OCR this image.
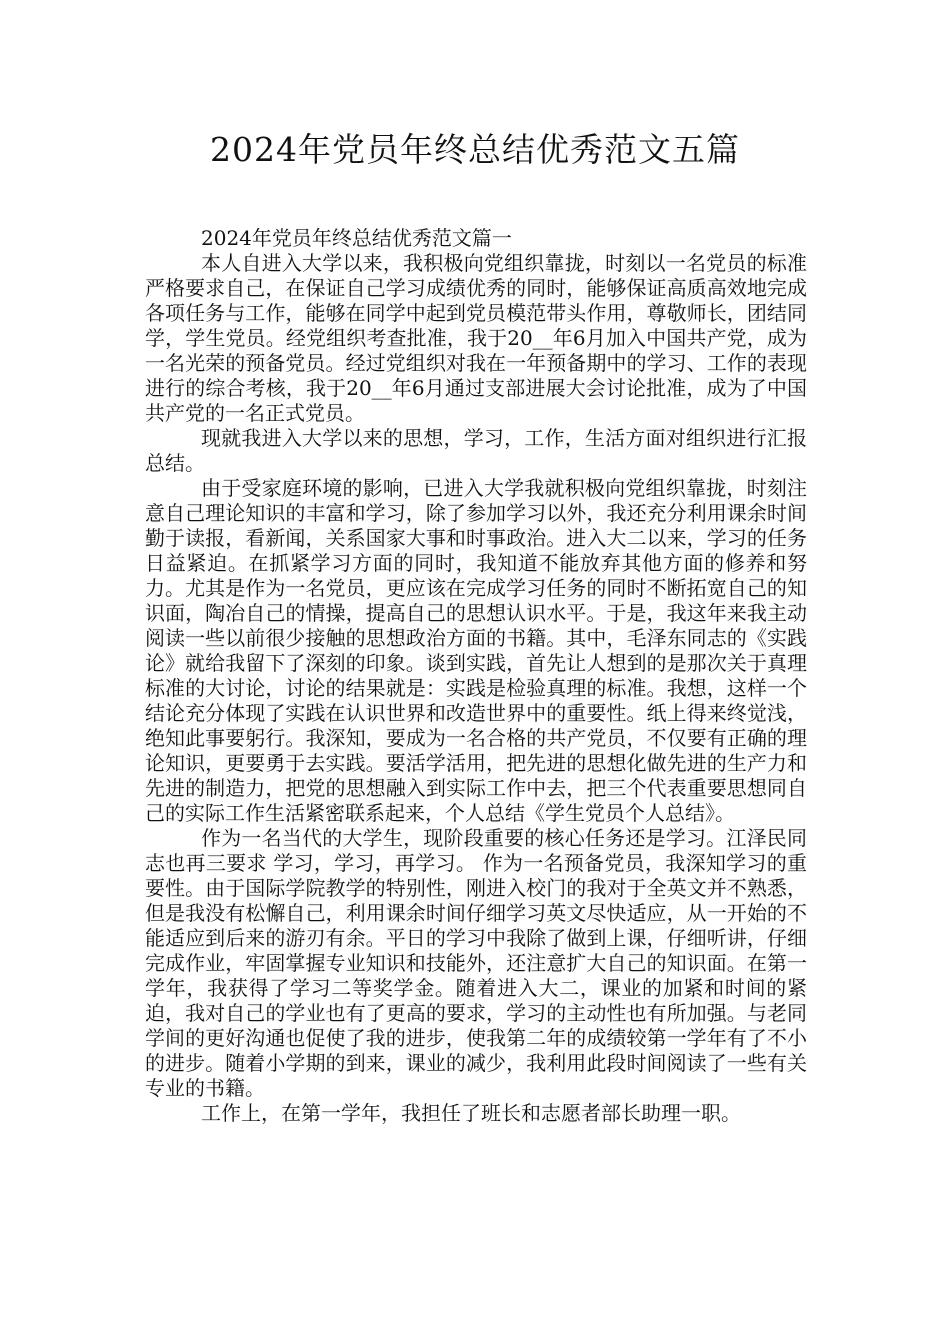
2024年党员年终总结优秀范文五篇
2024年党员年终总结优秀范文篇一

本人自进入大学以来，我积极向党组织靠拢，时刻以一名党员的标准严格要求自己，在保证自己学习成绩优秀的同时，能够保证高质高效地完成各项任务与工作，能够在同学中起到党员模范带头作用，尊敬师长，团结同学，学生党员。经党组织考查批准，我于20__年6月加入中国共产党，成为一名光荣的预备党员。经过党组织对我在一年预备期中的学习、工作的表现进行的综合考核，我于20__年6月通过支部进展大会讨论批准，成为了中国共产党的一名正式党员。

现就我进入大学以来的思想，学习，工作，生活方面对组织进行汇报总结。

由于受家庭环境的影响，已进入大学我就积极向党组织靠拢，时刻注意自己理论知识的丰富和学习，除了参加学习以外，我还充分利用课余时间勤于读报，看新闻，关系国家大事和时事政治。进入大二以来，学习的任务日益紧迫。在抓紧学习方面的同时，我知道不能放弃其他方面的修养和努力。尤其是作为一名党员，更应该在完成学习任务的同时不断拓宽自己的知识面，陶冶自己的情操，提高自己的思想认识水平。于是，我这年来我主动阅读一些以前很少接触的思想政治方面的书籍。其中，毛泽东同志的《实践论》就给我留下了深刻的印象。谈到实践，首先让人想到的是那次关于真理标准的大讨论，讨论的结果就是：实践是检验真理的标准。我想，这样一个结论充分体现了实践在认识世界和改造世界中的重要性。纸上得来终觉浅，绝知此事要躬行。我深知，要成为一名合格的共产党员，不仅要有正确的理论知识，更要勇于去实践。要活学活用，把先进的思想化做先进的生产力和先进的制造力，把党的思想融入到实际工作中去，把三个代表重要思想同自己的实际工作生活紧密联系起来，个人总结《学生党员个人总结》。

作为一名当代的大学生，现阶段重要的核心任务还是学习。江泽民同志也再三要求 学习，学习，再学习。 作为一名预备党员，我深知学习的重要性。由于国际学院教学的特别性，刚进入校门的我对于全英文并不熟悉，但是我没有松懈自己，利用课余时间仔细学习英文尽快适应，从一开始的不能适应到后来的游刃有余。平日的学习中我除了做到上课，仔细听讲，仔细完成作业，牢固掌握专业知识和技能外，还注意扩大自己的知识面。在第一学年，我获得了学习二等奖学金。随着进入大二，课业的加紧和时间的紧迫，我对自己的学业也有了更高的要求，学习的主动性也有所加强。与老同学间的更好沟通也促使了我的进步，使我第二年的成绩较第一学年有了不小的进步。随着小学期的到来，课业的减少，我利用此段时间阅读了一些有关专业的书籍。

工作上，在第一学年，我担任了班长和志愿者部长助理一职。
